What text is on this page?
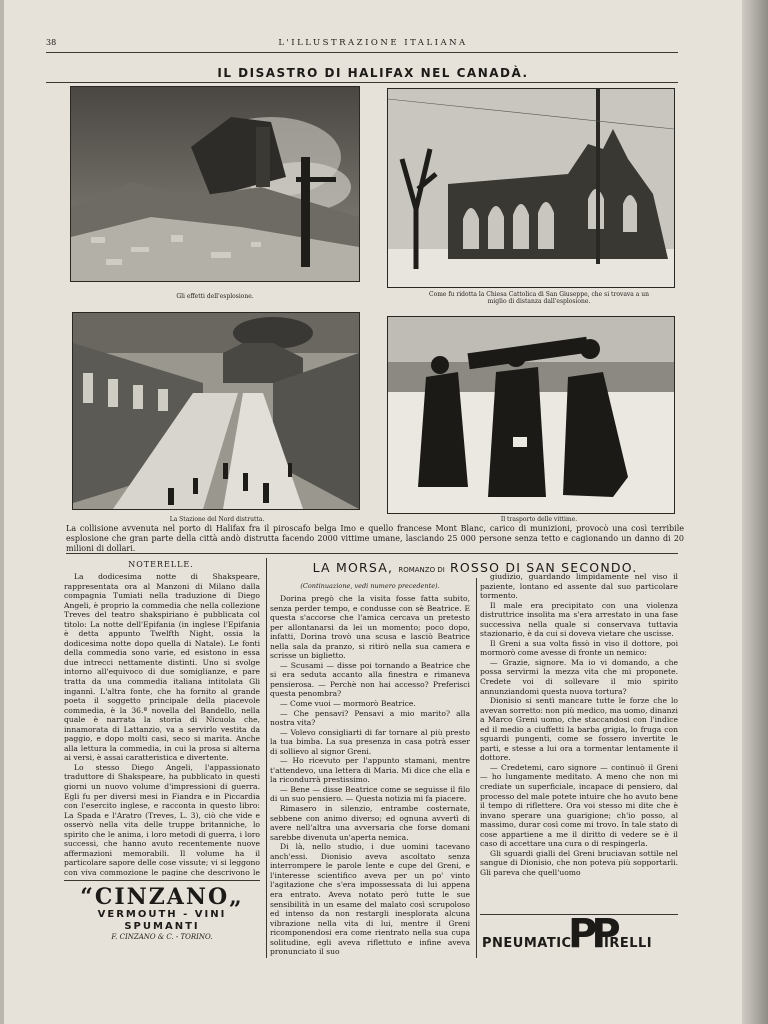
38	L'ILLUSTRAZIONE ITALIANA
IL DISASTRO DI HALIFAX NEL CANADÀ.
Gli effetti dell'esplosione.	Come fu ridotta la Chiesa Cattolica di San Giuseppe, che si trovava a un miglio di distanza dall'esplosione.
La Stazione del Nord distrutta.	Il trasporto delle vittime.
La collisione avvenuta nel porto di Halifax fra il piroscafo belga Imo e quello francese Mont Blanc, carico di munizioni, provocò una così terribile esplosione che gran parte della città andò distrutta facendo 2000 vittime umane, lasciando 25 000 persone senza tetto e cagionando un danno di 20 milioni di dollari.
NOTERELLE.

La dodicesima notte di Shakspeare, rappresentata ora al Manzoni di Milano dalla compagnia Tumiati nella traduzione di Diego Angeli, è proprio la commedia che nella collezione Treves del teatro shakspiriano è pubblicata col titolo: La notte dell'Epifania (in inglese l'Epifania è detta appunto Twelfth Night, ossia la dodicesima notte dopo quella di Natale). Le fonti della commedia sono varie, ed esistono in essa due intrecci nettamente distinti. Uno si svolge intorno all'equivoco di due somiglianze, e pare tratta da una commedia italiana intitolata Gli ingannì. L'altra fonte, che ha fornito al grande poeta il soggetto principale della piacevole commedia, è la 36.ª novella del Bandello, nella quale è narrata la storia di Nicuola che, innamorata di Lattanzio, va a servirlo vestita da paggio, e dopo molti casi, seco si marita. Anche alla lettura la commedia, in cui la prosa si alterna ai versi, è assai caratteristica e divertente.

Lo stesso Diego Angeli, l'appassionato traduttore di Shakspeare, ha pubblicato in questi giorni un nuovo volume d'impressioni di guerra. Egli fu per diversi mesi in Fiandra e in Piccardia con l'esercito inglese, e racconta in questo libro: La Spada e l'Aratro (Treves, L. 3), ciò che vide e osservò nella vita delle truppe britanniche, lo spirito che le anima, i loro metodi di guerra, i loro successi, che hanno avuto recentemente nuove affermazioni memorabili. Il volume ha il particolare sapore delle cose vissute; vi si leggono con viva commozione le pagine che descrivono le

“CINZANO„
VERMOUTH - VINI SPUMANTI
F. CINZANO & C. - TORINO.
LA MORSA, ROMANZO DI ROSSO DI SAN SECONDO.
(Continuazione, vedi numero precedente).

Dorina pregò che la visita fosse fatta subito, senza perder tempo, e condusse con sè Beatrice. E questa s'accorse che l'amica cercava un pretesto per allontanarsi da lei un momento; poco dopo, infatti, Dorina trovò una scusa e lasciò Beatrice nella sala da pranzo, si ritirò nella sua camera e scrisse un biglietto.

— Scusami — disse poi tornando a Beatrice che si era seduta accanto alla finestra e rimaneva pensierosa. — Perchè non hai accesso? Preferisci questa penombra?

— Come vuoi — mormorò Beatrice.

— Che pensavi? Pensavi a mio marito? alla nostra vita?

— Volevo consigliarti di far tornare al più presto la tua bimba. La sua presenza in casa potrà esser di sollievo al signor Greni.

— Ho ricevuto per l'appunto stamani, mentre t'attendevo, una lettera di Maria. Mi dice che ella e la ricondurrà prestissimo.

— Bene — disse Beatrice come se seguisse il filo di un suo pensiero. — Questa notizia mi fa piacere.

Rimasero in silenzio, entrambe costernate, sebbene con animo diverso; ed ognuna avvertì di avere nell'altra una avversaria che forse domani sarebbe divenuta un'aperta nemica.

Di là, nello studio, i due uomini tacevano anch'essi. Dionisio aveva ascoltato senza interrompere le parole lente e cupe del Greni, e l'interesse scientifico aveva per un po' vinto l'agitazione che s'era impossessata di lui appena era entrato. Aveva notato però tutte le sue sensibilità in un esame del malato così scrupoloso ed intenso da non restargli inesplorata alcuna vibrazione nella vita di lui, mentre il Greni ricomponendosi era come rientrato nella sua cupa solitudine, egli aveva riflettuto e infine aveva pronunciato il suo

giudizio, guardando limpidamente nel viso il paziente, lontano ed assente dal suo particolare tormento.

Il male era precipitato con una violenza distruttrice insolita ma s'era arrestato in una fase successiva nella quale si conservava tuttavia stazionario, è da cui si doveva vietare che uscisse.

Il Greni a sua volta fissò in viso il dottore, poi mormorò come avesse di fronte un nemico:

— Grazie, signore. Ma io vi domando, a che possa servirmi la mezza vita che mi proponete. Credete voi di sollevare il mio spirito annunziandomi questa nuova tortura?

Dionisio si sentì mancare tutte le forze che lo avevan sorretto: non più medico, ma uomo, dinanzi a Marco Greni uomo, che staccandosi con l'indice ed il medio a ciuffetti la barba grigia, lo fruga con sguardi pungenti, come se fossero invertite le parti, e stesse a lui ora a tormentar lentamente il dottore.

— Credetemi, caro signore — continuò il Greni — ho lungamente meditato. A meno che non mi crediate un superficiale, incapace di pensiero, dal processo del male potete intuire che ho avuto bene il tempo di riflettere. Ora voi stesso mi dite che è invano sperare una guarigione; ch'io posso, al massimo, durar così come mi trovo. In tale stato di cose appartiene a me il diritto di vedere se è il caso di accettare una cura o di respingerla.

Gli sguardi gialli del Greni bruciavan sottile nel sangue di Dionisio, che non poteva più sopportarli. Gli pareva che quell'uomo

PNEUMATICI
PP
IRELLI
